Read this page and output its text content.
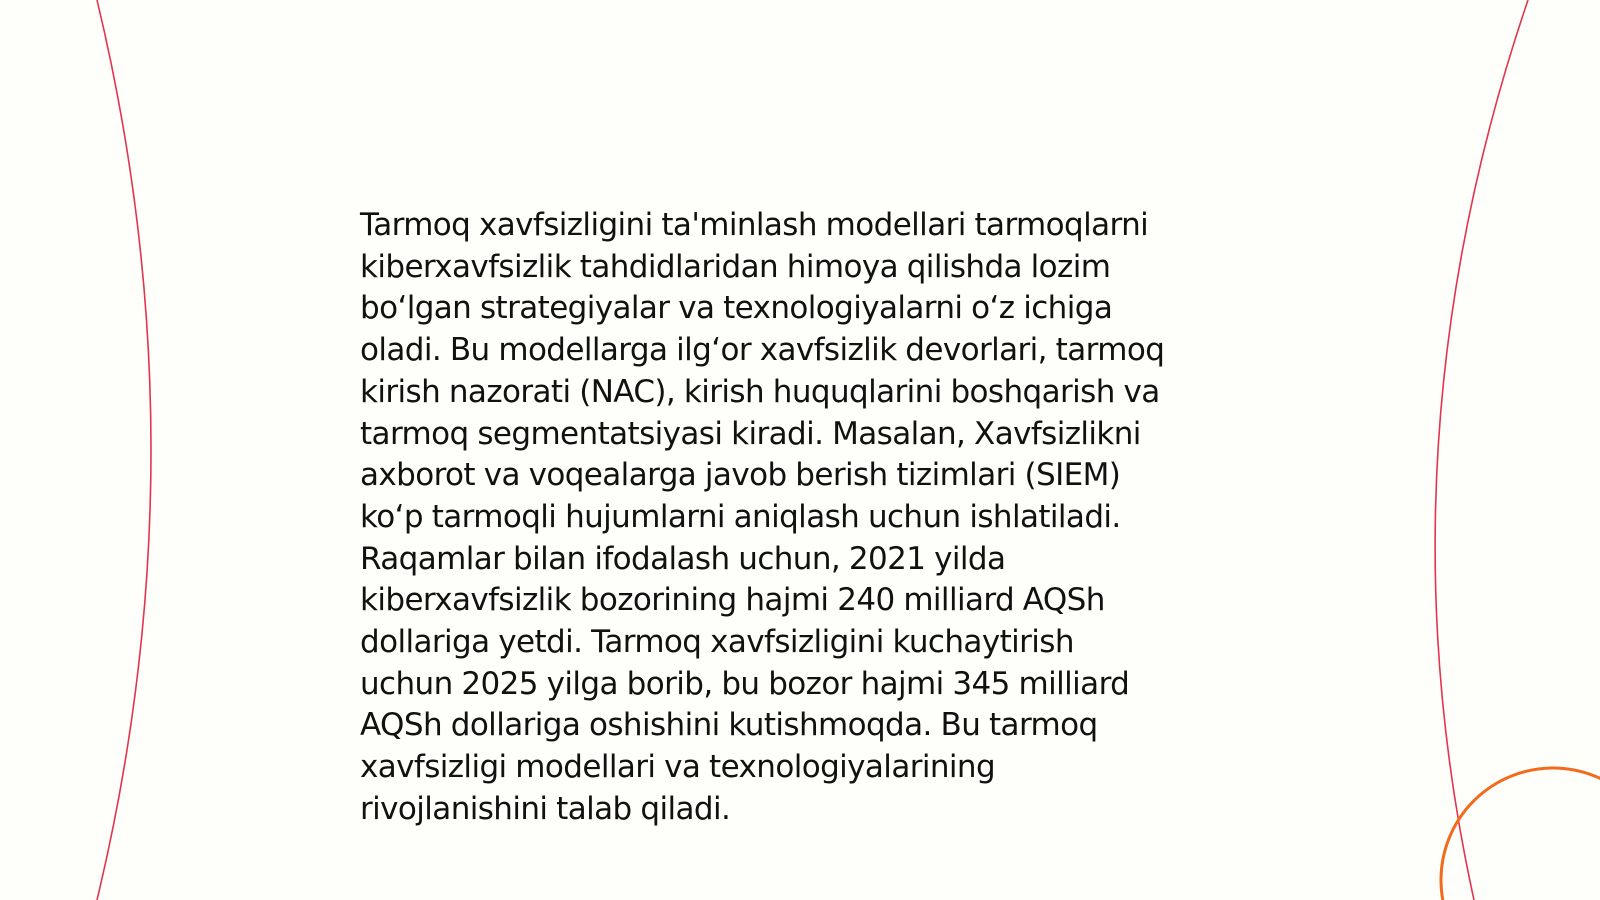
Tarmoq xavfsizligini ta'minlash modellari tarmoqlarni
kiberxavfsizlik tahdidlaridan himoya qilishda lozim
bo‘lgan strategiyalar va texnologiyalarni o‘z ichiga
oladi. Bu modellarga ilg‘or xavfsizlik devorlari, tarmoq
kirish nazorati (NAC), kirish huquqlarini boshqarish va
tarmoq segmentatsiyasi kiradi. Masalan, Xavfsizlikni
axborot va voqealarga javob berish tizimlari (SIEM)
ko‘p tarmoqli hujumlarni aniqlash uchun ishlatiladi.
Raqamlar bilan ifodalash uchun, 2021 yilda
kiberxavfsizlik bozorining hajmi 240 milliard AQSh
dollariga yetdi. Tarmoq xavfsizligini kuchaytirish
uchun 2025 yilga borib, bu bozor hajmi 345 milliard
AQSh dollariga oshishini kutishmoqda. Bu tarmoq
xavfsizligi modellari va texnologiyalarining
rivojlanishini talab qiladi.
